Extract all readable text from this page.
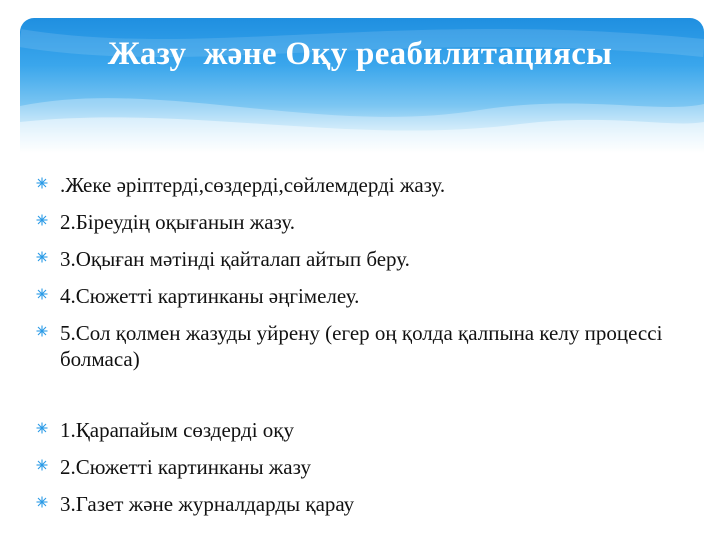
Жазу  және Оқу реабилитациясы
.Жеке әріптерді,сөздерді,сөйлемдерді жазу.
2.Біреудің оқығанын жазу.
3.Оқыған мәтінді қайталап айтып беру.
4.Сюжетті картинканы әңгімелеу.
5.Сол қолмен жазуды уйрену (егер оң қолда қалпына келу процессі болмаса)
1.Қарапайым сөздерді оқу
2.Сюжетті картинканы жазу
3.Газет және журналдарды қарау
